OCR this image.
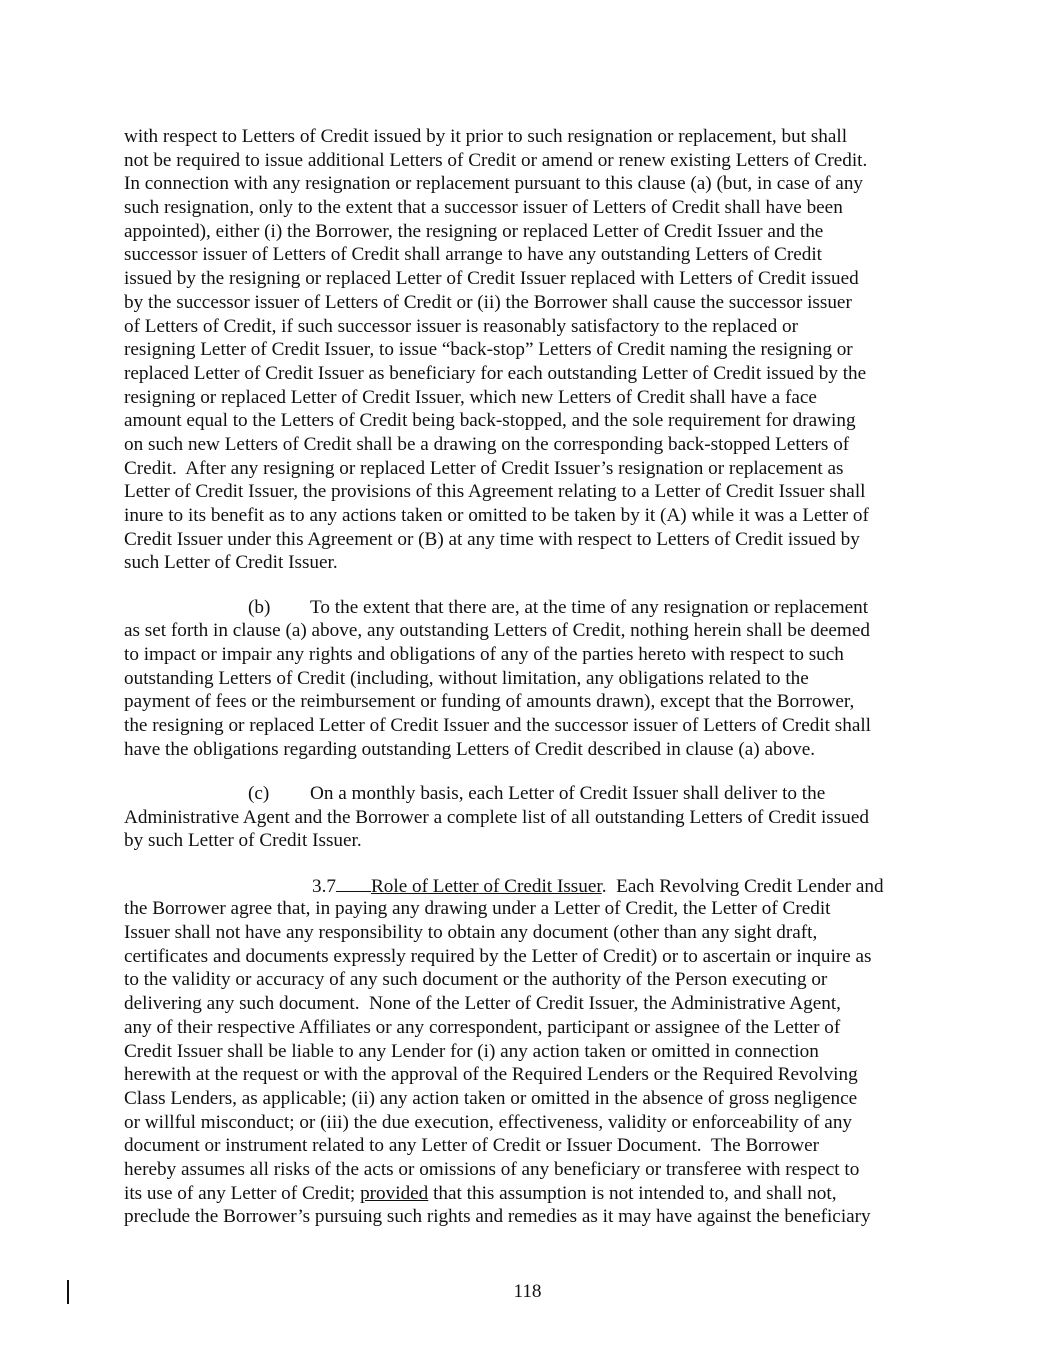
with respect to Letters of Credit issued by it prior to such resignation or replacement, but shall
not be required to issue additional Letters of Credit or amend or renew existing Letters of Credit.
In connection with any resignation or replacement pursuant to this clause (a) (but, in case of any
such resignation, only to the extent that a successor issuer of Letters of Credit shall have been
appointed), either (i) the Borrower, the resigning or replaced Letter of Credit Issuer and the
successor issuer of Letters of Credit shall arrange to have any outstanding Letters of Credit
issued by the resigning or replaced Letter of Credit Issuer replaced with Letters of Credit issued
by the successor issuer of Letters of Credit or (ii) the Borrower shall cause the successor issuer
of Letters of Credit, if such successor issuer is reasonably satisfactory to the replaced or
resigning Letter of Credit Issuer, to issue “back-stop” Letters of Credit naming the resigning or
replaced Letter of Credit Issuer as beneficiary for each outstanding Letter of Credit issued by the
resigning or replaced Letter of Credit Issuer, which new Letters of Credit shall have a face
amount equal to the Letters of Credit being back-stopped, and the sole requirement for drawing
on such new Letters of Credit shall be a drawing on the corresponding back-stopped Letters of
Credit.  After any resigning or replaced Letter of Credit Issuer’s resignation or replacement as
Letter of Credit Issuer, the provisions of this Agreement relating to a Letter of Credit Issuer shall
inure to its benefit as to any actions taken or omitted to be taken by it (A) while it was a Letter of
Credit Issuer under this Agreement or (B) at any time with respect to Letters of Credit issued by
such Letter of Credit Issuer.
(b) To the extent that there are, at the time of any resignation or replacement
as set forth in clause (a) above, any outstanding Letters of Credit, nothing herein shall be deemed
to impact or impair any rights and obligations of any of the parties hereto with respect to such
outstanding Letters of Credit (including, without limitation, any obligations related to the
payment of fees or the reimbursement or funding of amounts drawn), except that the Borrower,
the resigning or replaced Letter of Credit Issuer and the successor issuer of Letters of Credit shall
have the obligations regarding outstanding Letters of Credit described in clause (a) above.
(c) On a monthly basis, each Letter of Credit Issuer shall deliver to the
Administrative Agent and the Borrower a complete list of all outstanding Letters of Credit issued
by such Letter of Credit Issuer.
3.7 Role of Letter of Credit Issuer.  Each Revolving Credit Lender and
the Borrower agree that, in paying any drawing under a Letter of Credit, the Letter of Credit
Issuer shall not have any responsibility to obtain any document (other than any sight draft,
certificates and documents expressly required by the Letter of Credit) or to ascertain or inquire as
to the validity or accuracy of any such document or the authority of the Person executing or
delivering any such document.  None of the Letter of Credit Issuer, the Administrative Agent,
any of their respective Affiliates or any correspondent, participant or assignee of the Letter of
Credit Issuer shall be liable to any Lender for (i) any action taken or omitted in connection
herewith at the request or with the approval of the Required Lenders or the Required Revolving
Class Lenders, as applicable; (ii) any action taken or omitted in the absence of gross negligence
or willful misconduct; or (iii) the due execution, effectiveness, validity or enforceability of any
document or instrument related to any Letter of Credit or Issuer Document.  The Borrower
hereby assumes all risks of the acts or omissions of any beneficiary or transferee with respect to
its use of any Letter of Credit; provided that this assumption is not intended to, and shall not,
preclude the Borrower’s pursuing such rights and remedies as it may have against the beneficiary
118
